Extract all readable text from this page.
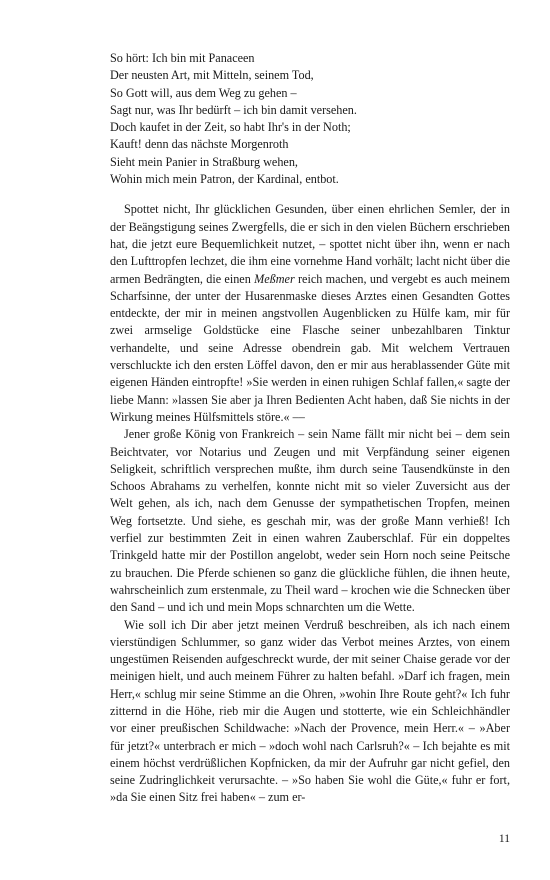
So hört: Ich bin mit Panaceen
Der neusten Art, mit Mitteln, seinem Tod,
So Gott will, aus dem Weg zu gehen –
Sagt nur, was Ihr bedürft – ich bin damit versehen.
Doch kaufet in der Zeit, so habt Ihr's in der Noth;
Kauft! denn das nächste Morgenroth
Sieht mein Panier in Straßburg wehen,
Wohin mich mein Patron, der Kardinal, entbot.

Spottet nicht, Ihr glücklichen Gesunden, über einen ehrlichen Semler, der in der Beängstigung seines Zwergfells, die er sich in den vielen Büchern erschrieben hat, die jetzt eure Bequemlichkeit nutzet, – spottet nicht über ihn, wenn er nach den Lufttropfen lechzet, die ihm eine vornehme Hand vorhält; lacht nicht über die armen Bedrängten, die einen Meßmer reich machen, und vergebt es auch meinem Scharfsinne, der unter der Husarenmaske dieses Arztes einen Gesandten Gottes entdeckte, der mir in meinen angstvollen Augenblicken zu Hülfe kam, mir für zwei armselige Goldstücke eine Flasche seiner unbezahlbaren Tinktur verhandelte, und seine Adresse obendrein gab. Mit welchem Vertrauen verschluckte ich den ersten Löffel davon, den er mir aus herablassender Güte mit eigenen Händen eintropfte! »Sie werden in einen ruhigen Schlaf fallen,« sagte der liebe Mann: »lassen Sie aber ja Ihren Bedienten Acht haben, daß Sie nichts in der Wirkung meines Hülfsmittels störe.« ––

Jener große König von Frankreich – sein Name fällt mir nicht bei – dem sein Beichtvater, vor Notarius und Zeugen und mit Verpfändung seiner eigenen Seligkeit, schriftlich versprechen mußte, ihm durch seine Tausendkünste in den Schoos Abrahams zu verhelfen, konnte nicht mit so vieler Zuversicht aus der Welt gehen, als ich, nach dem Genusse der sympathetischen Tropfen, meinen Weg fortsetzte. Und siehe, es geschah mir, was der große Mann verhieß! Ich verfiel zur bestimmten Zeit in einen wahren Zauberschlaf. Für ein doppeltes Trinkgeld hatte mir der Postillon angelobt, weder sein Horn noch seine Peitsche zu brauchen. Die Pferde schienen so ganz die glückliche fühlen, die ihnen heute, wahrscheinlich zum erstenmale, zu Theil ward – krochen wie die Schnecken über den Sand – und ich und mein Mops schnarchten um die Wette.

Wie soll ich Dir aber jetzt meinen Verdruß beschreiben, als ich nach einem vierstündigen Schlummer, so ganz wider das Verbot meines Arztes, von einem ungestümen Reisenden aufgeschreckt wurde, der mit seiner Chaise gerade vor der meinigen hielt, und auch meinem Führer zu halten befahl. »Darf ich fragen, mein Herr,« schlug mir seine Stimme an die Ohren, »wohin Ihre Route geht?« Ich fuhr zitternd in die Höhe, rieb mir die Augen und stotterte, wie ein Schleichhändler vor einer preußischen Schildwache: »Nach der Provence, mein Herr.« – »Aber für jetzt?« unterbrach er mich – »doch wohl nach Carlsruh?« – Ich bejahte es mit einem höchst verdrüßlichen Kopfnicken, da mir der Aufruhr gar nicht gefiel, den seine Zudringlichkeit verursachte. – »So haben Sie wohl die Güte,« fuhr er fort, »da Sie einen Sitz frei haben« – zum er-

11
